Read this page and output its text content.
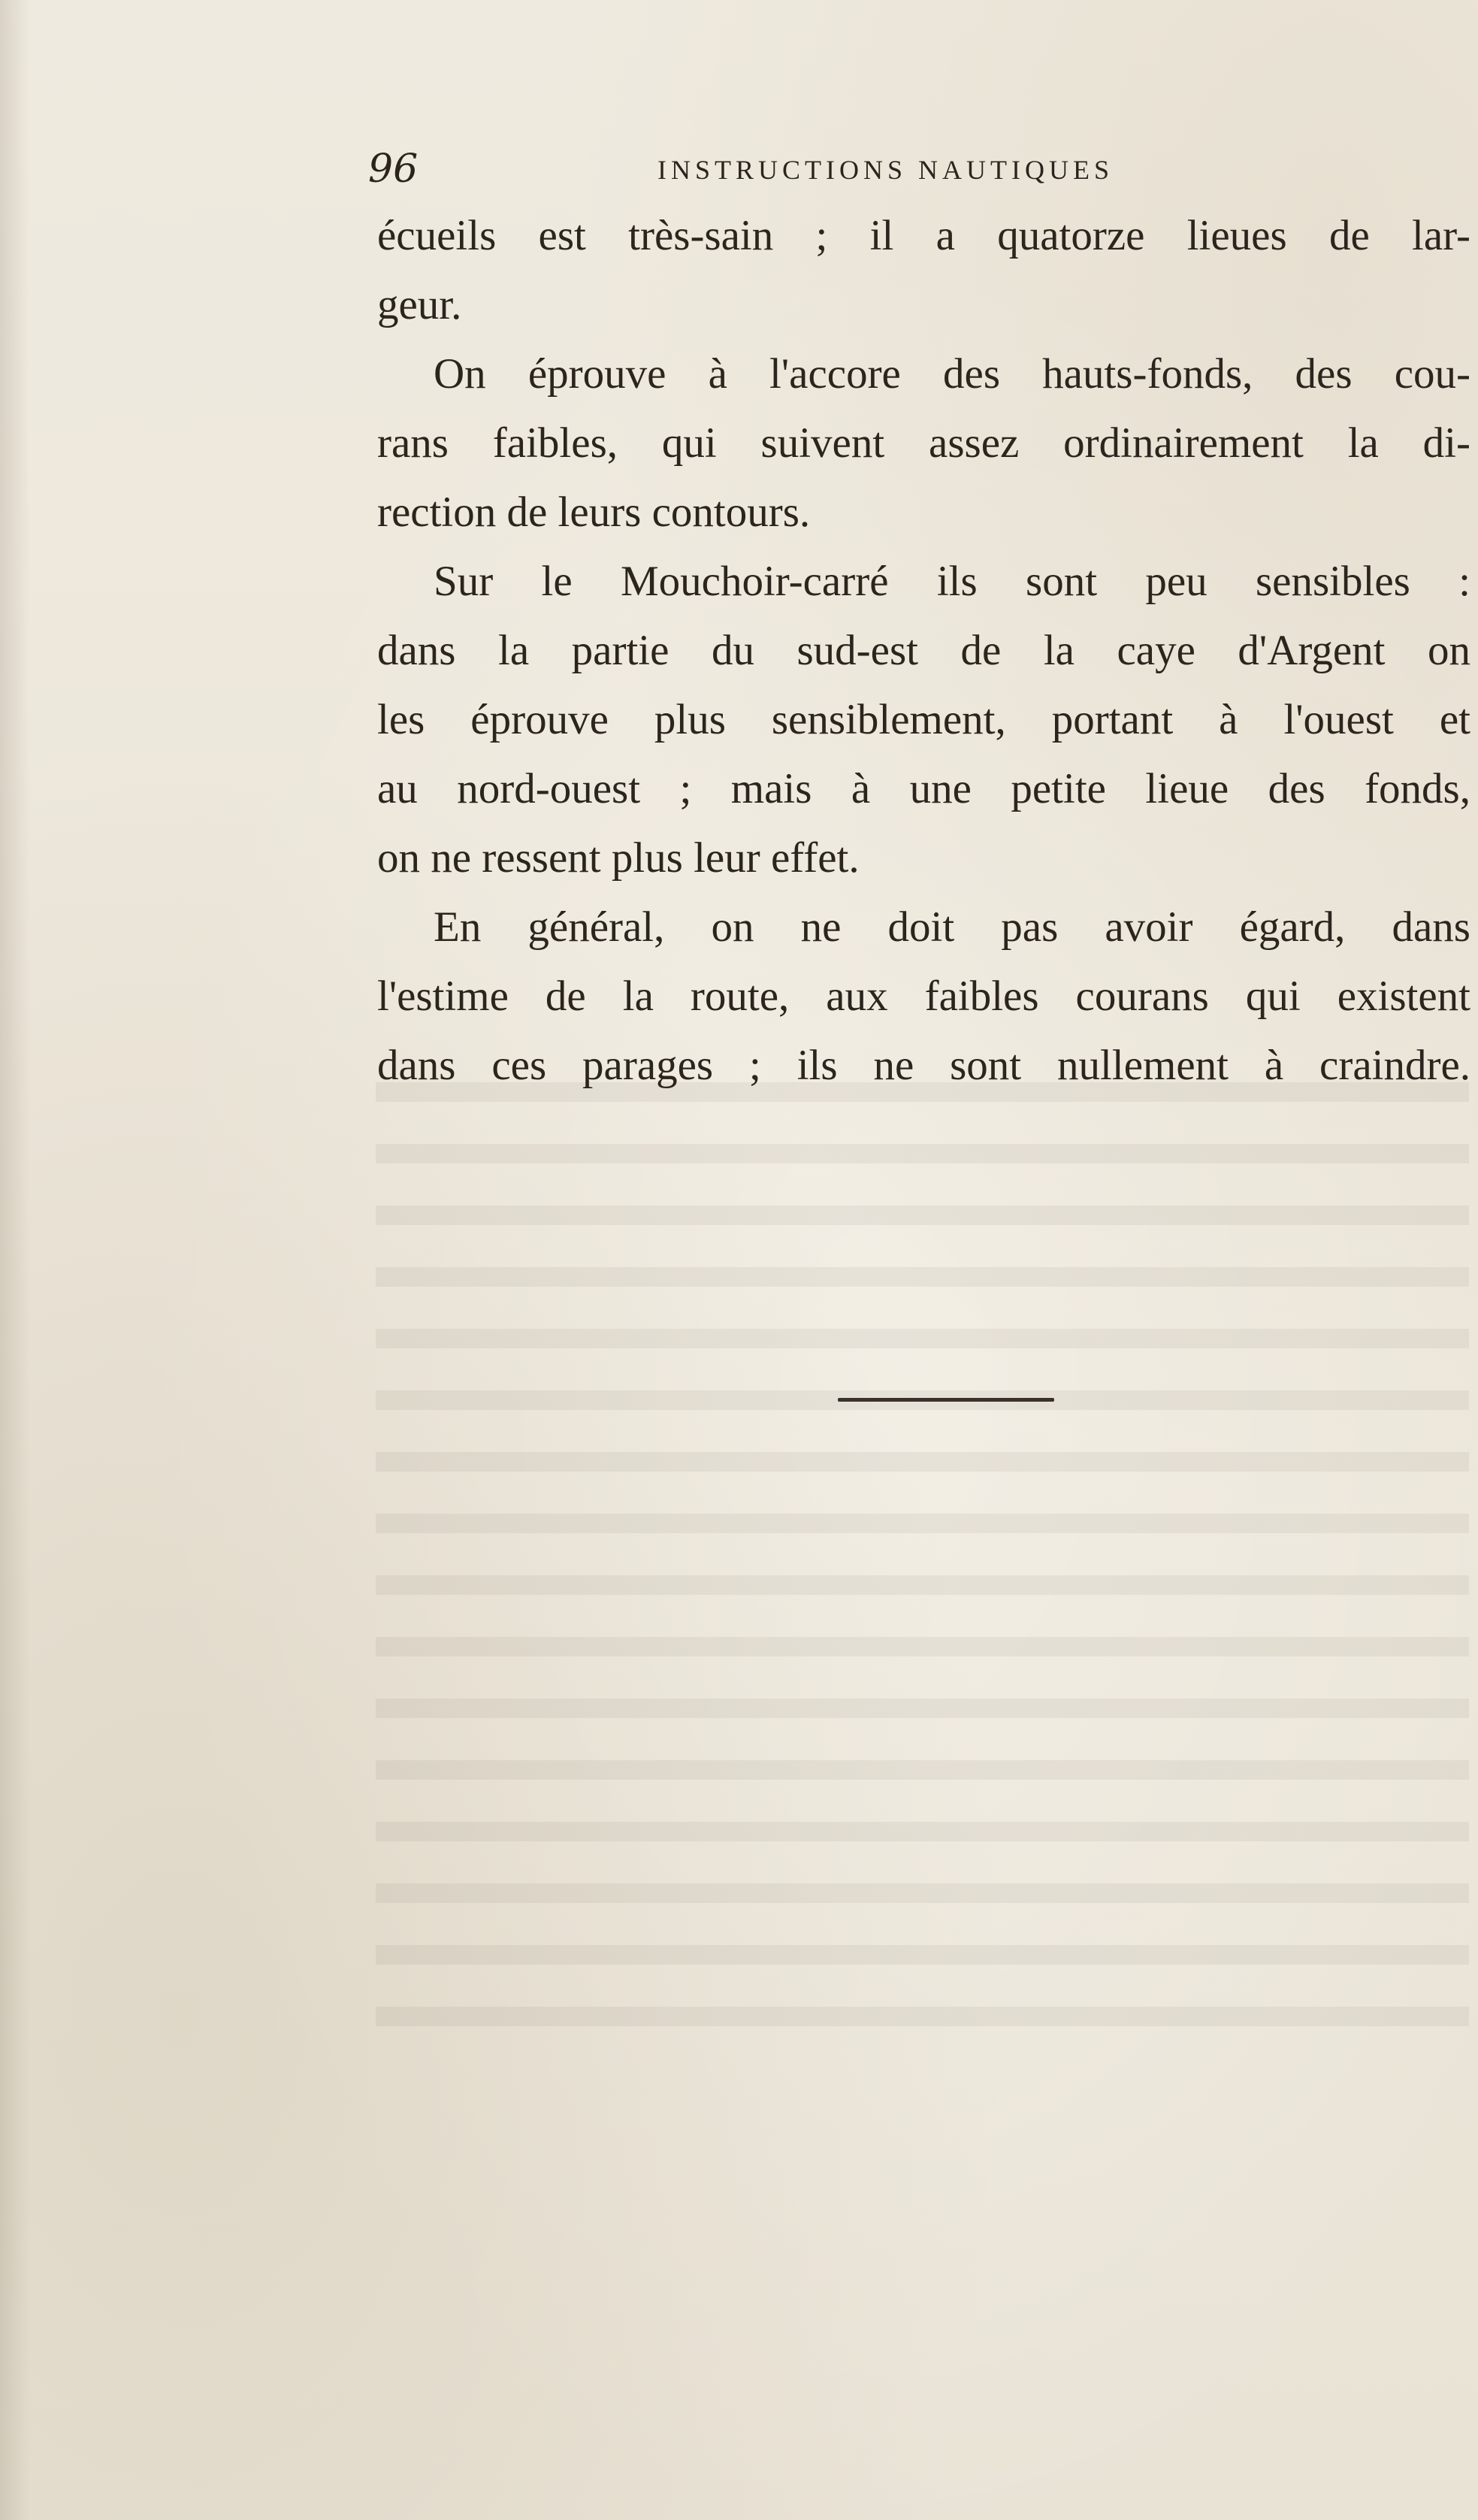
96	INSTRUCTIONS NAUTIQUES
écueils est très-sain ; il a quatorze lieues de lar-
geur.
On éprouve à l'accore des hauts-fonds, des cou-
rans faibles, qui suivent assez ordinairement la di-
rection de leurs contours.
Sur le Mouchoir-carré ils sont peu sensibles :
dans la partie du sud-est de la caye d'Argent on
les éprouve plus sensiblement, portant à l'ouest et
au nord-ouest ; mais à une petite lieue des fonds,
on ne ressent plus leur effet.
En général, on ne doit pas avoir égard, dans
l'estime de la route, aux faibles courans qui existent
dans ces parages ; ils ne sont nullement à craindre.
